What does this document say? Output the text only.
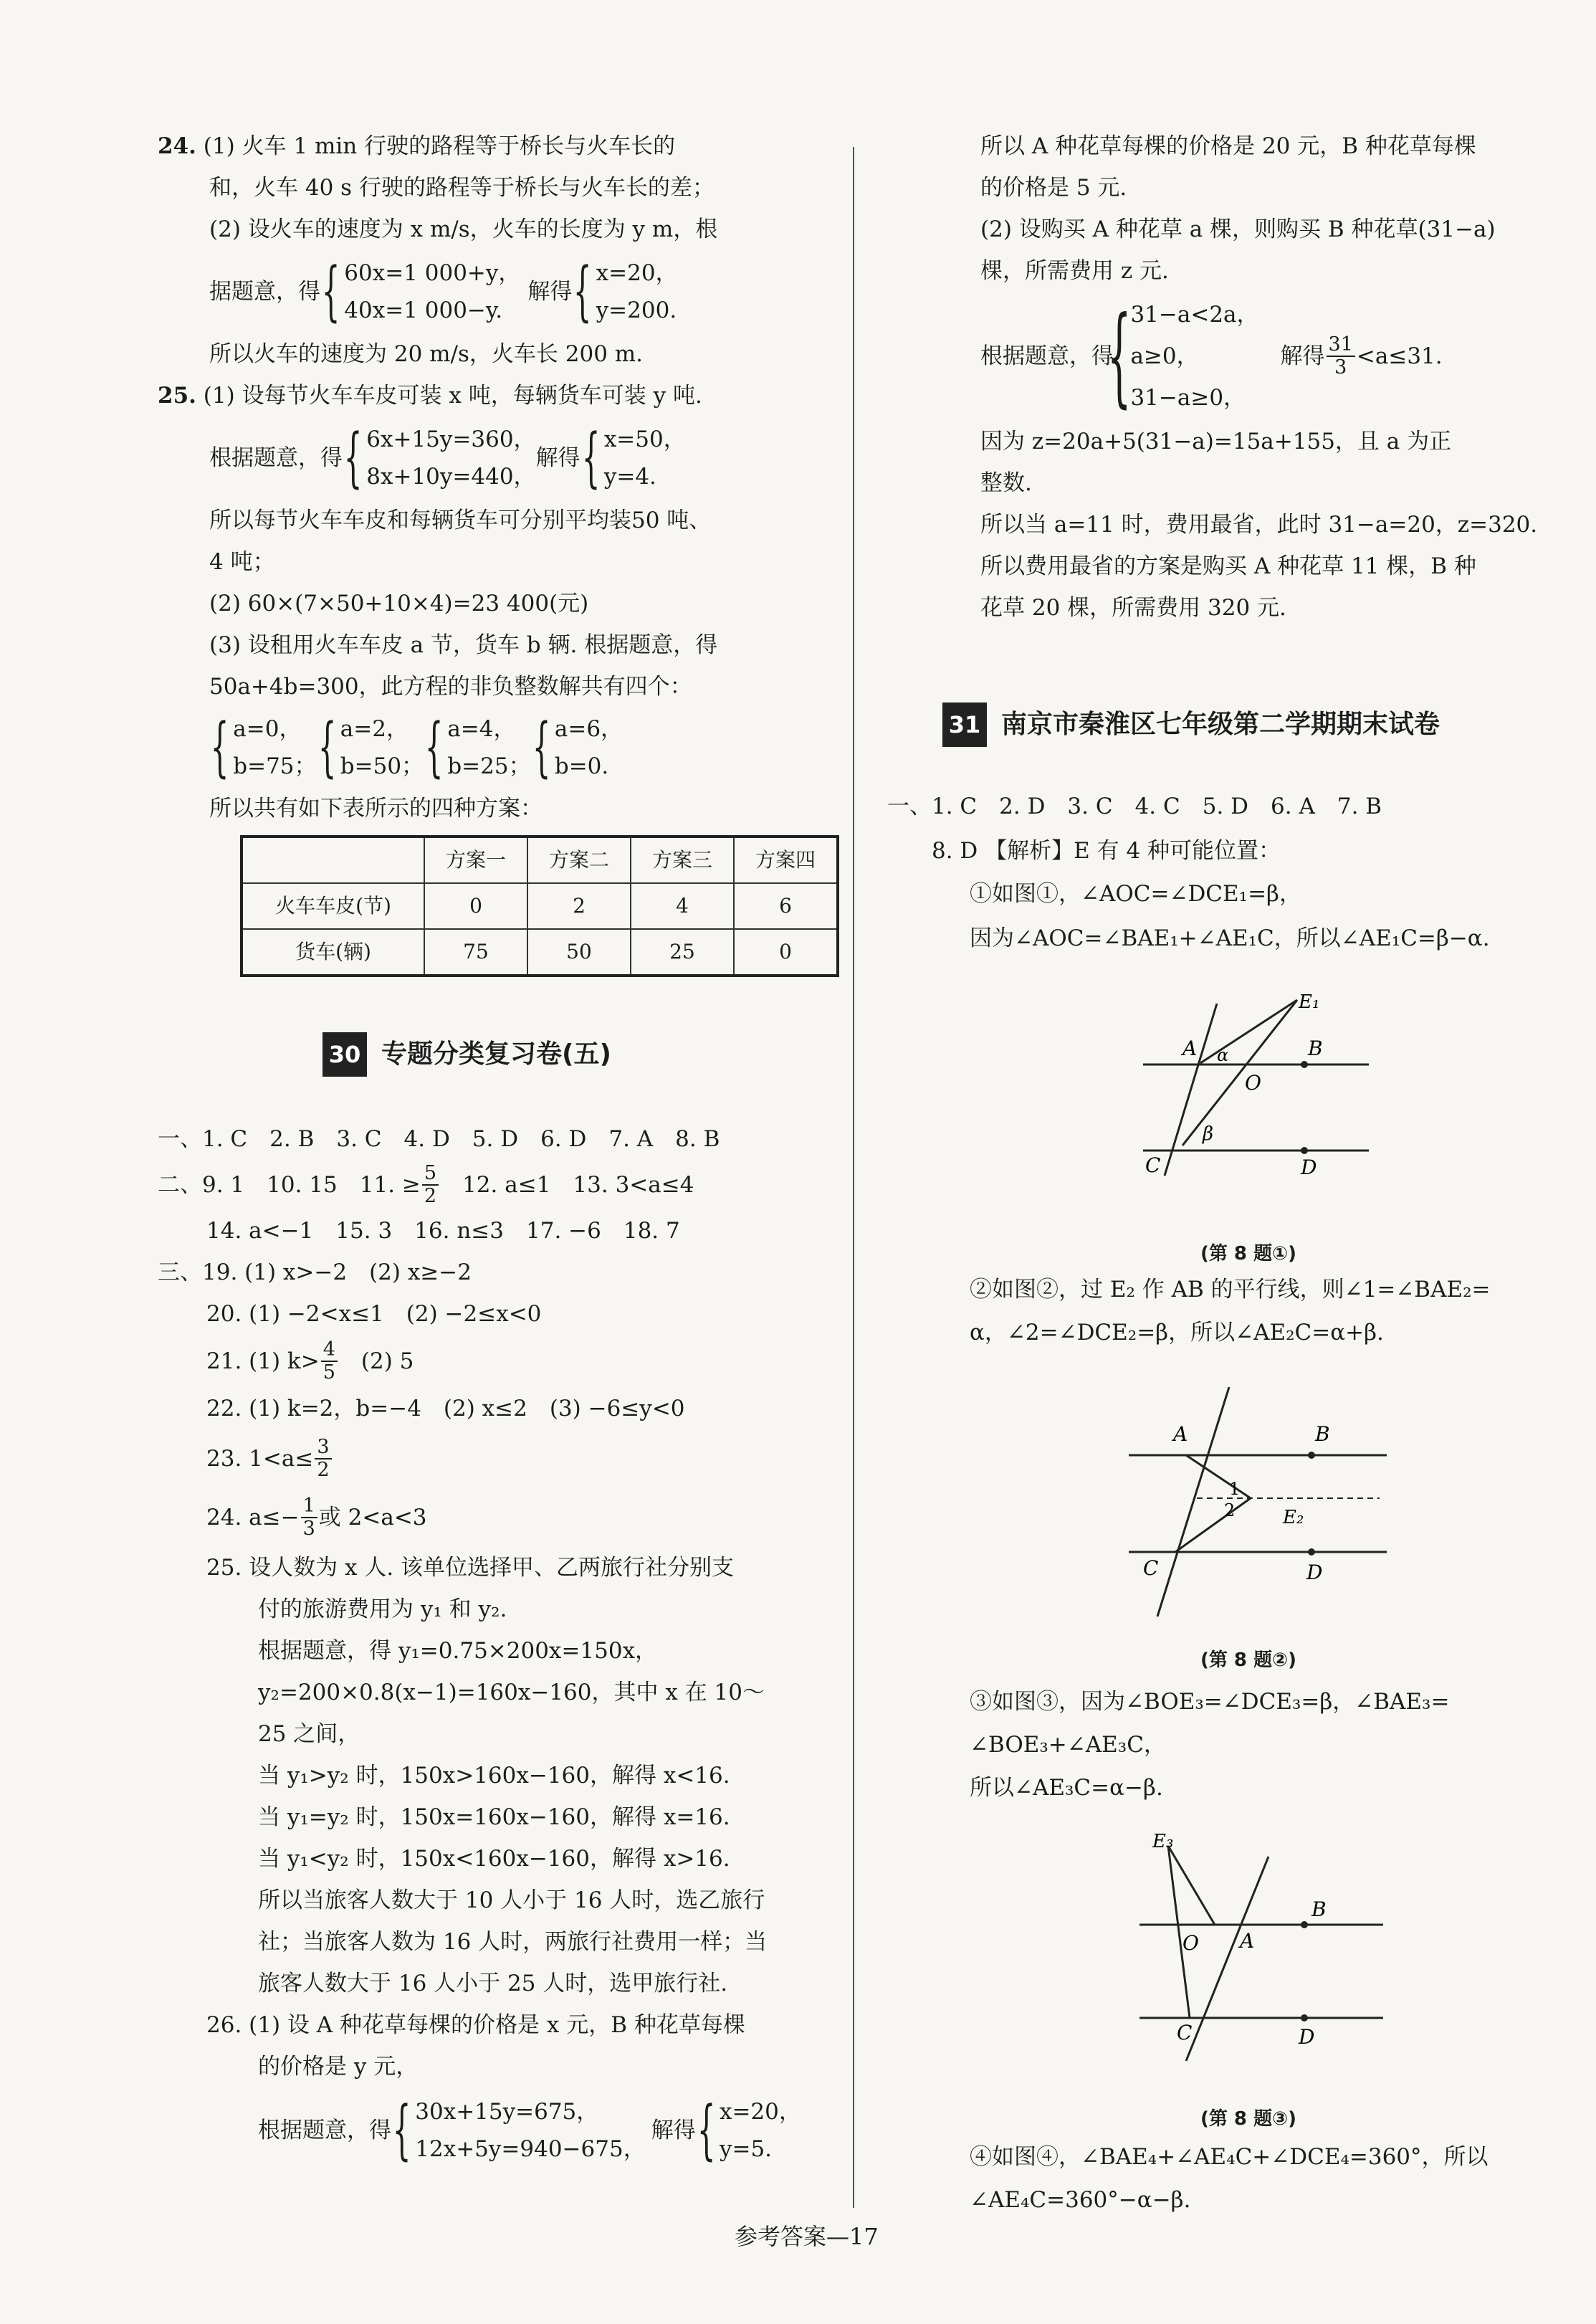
24. (1) 火车 1 min 行驶的路程等于桥长与火车长的
和，火车 40 s 行驶的路程等于桥长与火车长的差；
(2) 设火车的速度为 x m/s，火车的长度为 y m，根
据题意，得 { 60x=1 000+y，
40x=1 000−y.
解得 { x=20，
y=200.
所以火车的速度为 20 m/s，火车长 200 m.
25. (1) 设每节火车车皮可装 x 吨，每辆货车可装 y 吨.
根据题意，得 { 6x+15y=360，
8x+10y=440，
解得 { x=50，
y=4.
所以每节火车车皮和每辆货车可分别平均装50 吨、
4 吨；
(2) 60×(7×50+10×4)=23 400(元)
(3) 设租用火车车皮 a 节，货车 b 辆. 根据题意，得
50a+4b=300，此方程的非负整数解共有四个：
{ a=0，
b=75； { a=2，
b=50； { a=4，
b=25； { a=6，
b=0.
所以共有如下表所示的四种方案：
	方案一	方案二	方案三	方案四
火车车皮(节)	0	2	4	6
货车(辆)	75	50	25	0
30 专题分类复习卷(五)
一、1. C　2. B　3. C　4. D　5. D　6. D　7. A　8. B
二、9. 1　10. 15　11. ≥ $\frac{5}{2}$ 　12. a≤1　13. 3<a≤4
14. a<−1　15. 3　16. n≤3　17. −6　18. 7
三、19. (1) x>−2　(2) x≥−2
20. (1) −2<x≤1　(2) −2≤x<0
21. (1) $k> \frac{4}{5}$ 　(2) 5
22. (1) k=2，b=−4　(2) x≤2　(3) −6≤y<0
23. $1<a\le \frac{3}{2}$
24. $a\le- \frac{1}{3}$ 或 2<a<3
25. 设人数为 x 人. 该单位选择甲、乙两旅行社分别支
付的旅游费用为 y₁ 和 y₂.
根据题意，得 y₁=0.75×200x=150x，
y₂=200×0.8(x−1)=160x−160，其中 x 在 10～
25 之间，
当 y₁>y₂ 时，150x>160x−160，解得 x<16.
当 y₁=y₂ 时，150x=160x−160，解得 x=16.
当 y₁<y₂ 时，150x<160x−160，解得 x>16.
所以当旅客人数大于 10 人小于 16 人时，选乙旅行
社；当旅客人数为 16 人时，两旅行社费用一样；当
旅客人数大于 16 人小于 25 人时，选甲旅行社.
26. (1) 设 A 种花草每棵的价格是 x 元，B 种花草每棵
的价格是 y 元，
根据题意，得 { 30x+15y=675，
12x+5y=940−675，
解得 { x=20，
y=5.
所以 A 种花草每棵的价格是 20 元，B 种花草每棵
的价格是 5 元.
(2) 设购买 A 种花草 a 棵，则购买 B 种花草(31−a)
棵，所需费用 z 元.
根据题意，得
{ 31−a<2a，
a≥0，
31−a≥0，
解得 $\frac{31}{3} <a\le 31$.
因为 z=20a+5(31−a)=15a+155，且 a 为正
整数.
所以当 a=11 时，费用最省，此时 31−a=20，z=320.
所以费用最省的方案是购买 A 种花草 11 棵，B 种
花草 20 棵，所需费用 320 元.
31 南京市秦淮区七年级第二学期期末试卷
一、1. C　2. D　3. C　4. C　5. D　6. A　7. B
8. D 【解析】E 有 4 种可能位置：
①如图①，∠AOC=∠DCE₁=β，
因为∠AOC=∠BAE₁+∠AE₁C，所以∠AE₁C=β−α.
A
E₁
B
α
O
C
β
D
(第 8 题①)
②如图②，过 E₂ 作 AB 的平行线，则∠1=∠BAE₂=
α，∠2=∠DCE₂=β，所以∠AE₂C=α+β.
A	B
1
2	E₂
C	D
(第 8 题②)
③如图③，因为∠BOE₃=∠DCE₃=β，∠BAE₃=
∠BOE₃+∠AE₃C，
所以∠AE₃C=α−β.
E₃
B
O A
C	D
(第 8 题③)
④如图④，∠BAE₄+∠AE₄C+∠DCE₄=360°，所以
∠AE₄C=360°−α−β.
参考答案—17
